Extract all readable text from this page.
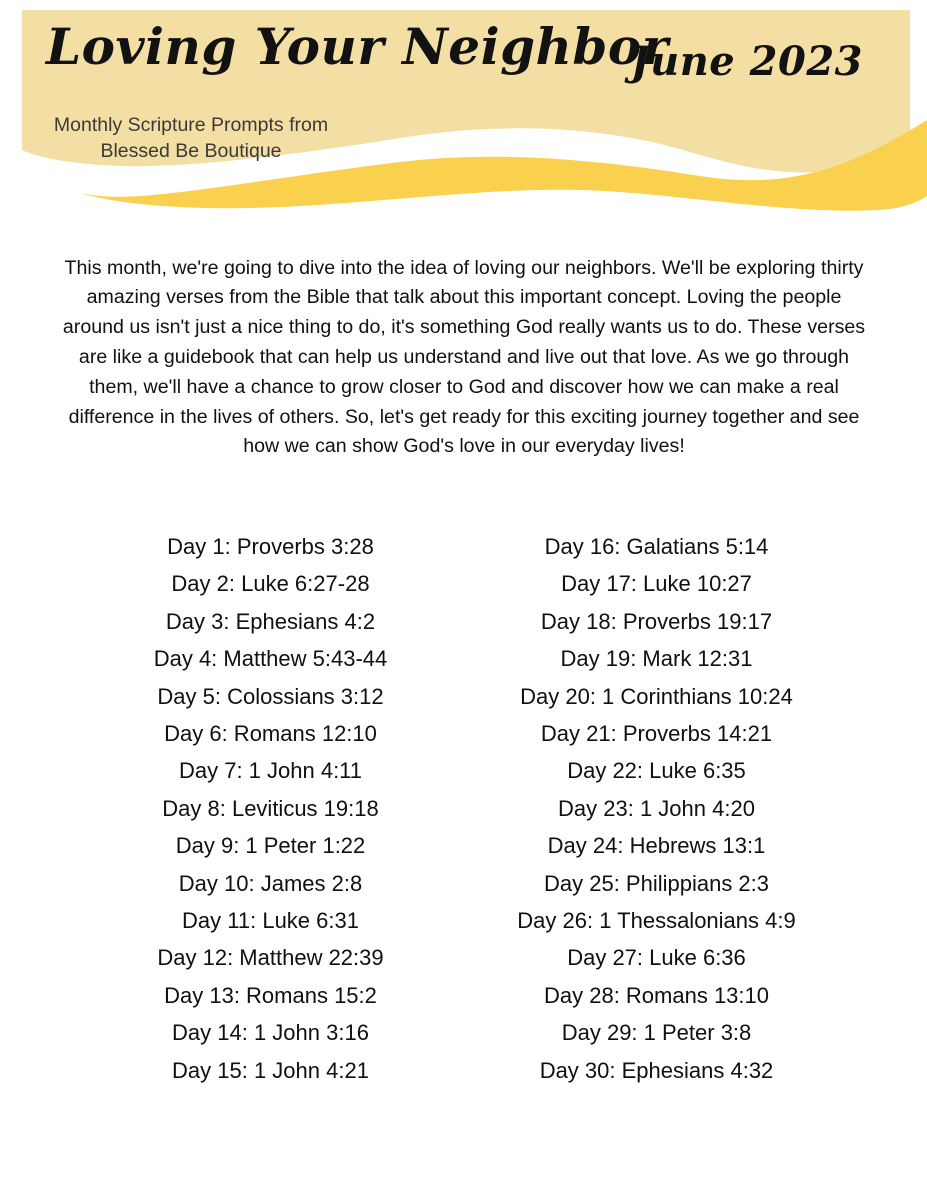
Loving Your Neighbor
June 2023
Monthly Scripture Prompts from
Blessed Be Boutique

This month, we're going to dive into the idea of loving our neighbors. We'll be exploring thirty amazing verses from the Bible that talk about this important concept. Loving the people around us isn't just a nice thing to do, it's something God really wants us to do. These verses are like a guidebook that can help us understand and live out that love. As we go through them, we'll have a chance to grow closer to God and discover how we can make a real difference in the lives of others. So, let's get ready for this exciting journey together and see how we can show God's love in our everyday lives!

Day 1: Proverbs 3:28
Day 2: Luke 6:27-28
Day 3: Ephesians 4:2
Day 4: Matthew 5:43-44
Day 5: Colossians 3:12
Day 6: Romans 12:10
Day 7: 1 John 4:11
Day 8: Leviticus 19:18
Day 9: 1 Peter 1:22
Day 10: James 2:8
Day 11: Luke 6:31
Day 12: Matthew 22:39
Day 13: Romans 15:2
Day 14: 1 John 3:16
Day 15: 1 John 4:21
Day 16: Galatians 5:14
Day 17: Luke 10:27
Day 18: Proverbs 19:17
Day 19: Mark 12:31
Day 20: 1 Corinthians 10:24
Day 21: Proverbs 14:21
Day 22: Luke 6:35
Day 23: 1 John 4:20
Day 24: Hebrews 13:1
Day 25: Philippians 2:3
Day 26: 1 Thessalonians 4:9
Day 27: Luke 6:36
Day 28: Romans 13:10
Day 29: 1 Peter 3:8
Day 30: Ephesians 4:32
